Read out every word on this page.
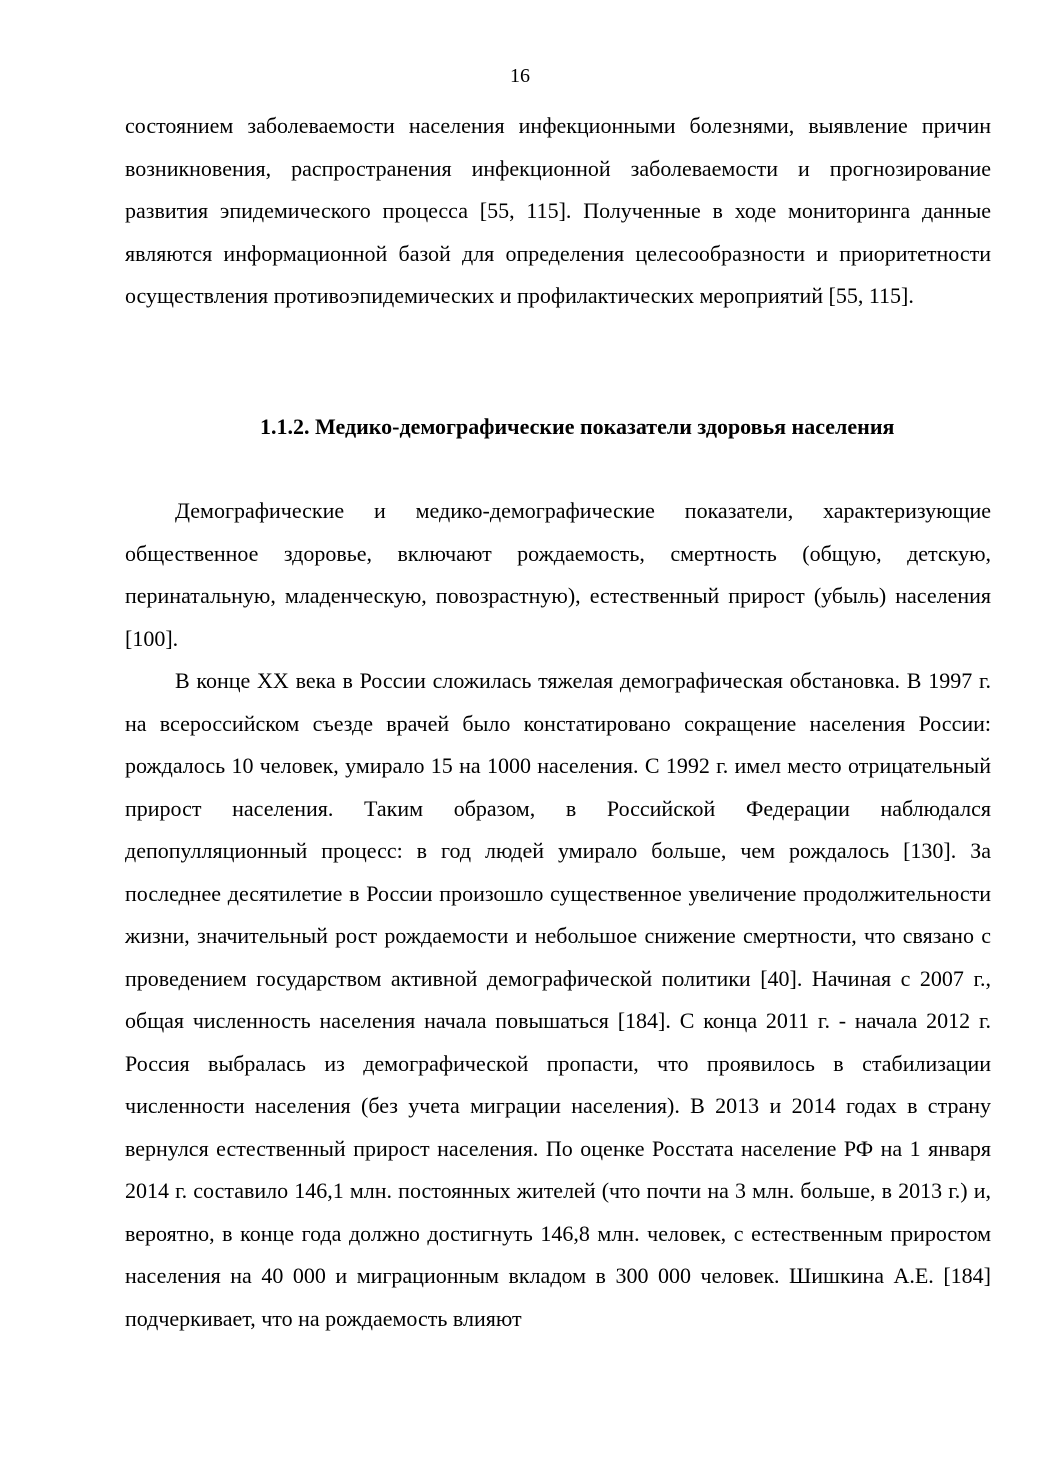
16

состоянием заболеваемости населения инфекционными болезнями, выявление причин возникновения, распространения инфекционной заболеваемости и прогнозирование развития эпидемического процесса [55, 115]. Полученные в ходе мониторинга данные являются информационной базой для определения целесообразности и приоритетности осуществления противоэпидемических и профилактических мероприятий [55, 115].

1.1.2. Медико-демографические показатели здоровья населения

Демографические и медико-демографические показатели, характеризующие общественное здоровье, включают рождаемость, смертность (общую, детскую, перинатальную, младенческую, повозрастную), естественный прирост (убыль) населения [100].

В конце XX века в России сложилась тяжелая демографическая обстановка. В 1997 г. на всероссийском съезде врачей было констатировано сокращение населения России: рождалось 10 человек, умирало 15 на 1000 населения. С 1992 г. имел место отрицательный прирост населения. Таким образом, в Российской Федерации наблюдался депопулляционный процесс: в год людей умирало больше, чем рождалось [130]. За последнее десятилетие в России произошло существенное увеличение продолжительности жизни, значительный рост рождаемости и небольшое снижение смертности, что связано с проведением государством активной демографической политики [40]. Начиная с 2007 г., общая численность населения начала повышаться [184]. С конца 2011 г. - начала 2012 г. Россия выбралась из демографической пропасти, что проявилось в стабилизации численности населения (без учета миграции населения). В 2013 и 2014 годах в страну вернулся естественный прирост населения. По оценке Росстата население РФ на 1 января 2014 г. составило 146,1 млн. постоянных жителей (что почти на 3 млн. больше, в 2013 г.) и, вероятно, в конце года должно достигнуть 146,8 млн. человек, с естественным приростом населения на 40 000 и миграционным вкладом в 300 000 человек. Шишкина А.Е. [184] подчеркивает, что на рождаемость влияют
